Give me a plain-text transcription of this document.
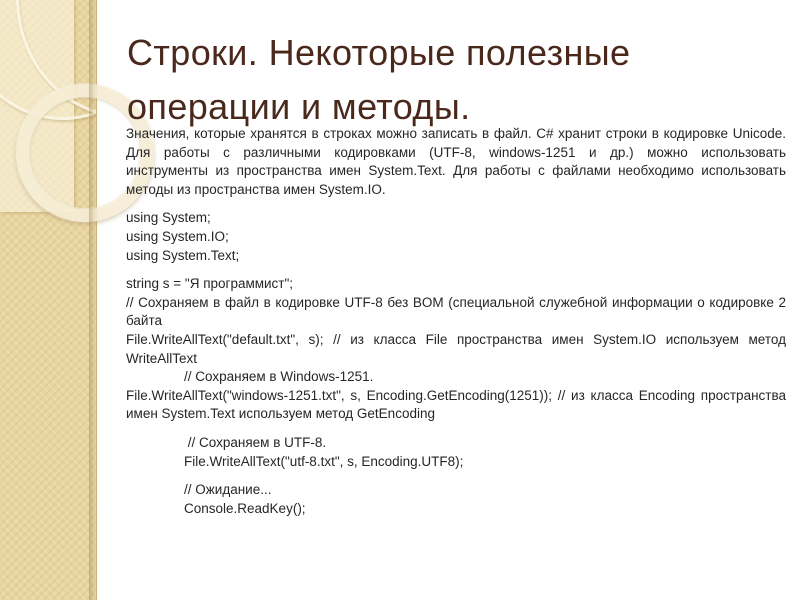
Строки. Некоторые полезные
операции и методы.
Значения, которые хранятся в строках можно записать в файл. C# хранит строки в кодировке Unicode.
Для работы с различными кодировками (UTF-8, windows-1251 и др.) можно использовать
инструменты из пространства имен System.Text. Для работы с файлами необходимо использовать
методы из пространства имен System.IO.
using System;
using System.IO;
using System.Text;
string s = "Я программист";
// Сохраняем в файл в кодировке UTF-8 без BOM (специальной служебной информации о кодировке 2
байта
File.WriteAllText("default.txt", s); // из класса File пространства имен System.IO используем метод
WriteAllText
// Сохраняем в Windows-1251.
File.WriteAllText("windows-1251.txt", s, Encoding.GetEncoding(1251)); // из класса Encoding пространства
имен System.Text используем метод GetEncoding
// Сохраняем в UTF-8.
File.WriteAllText("utf-8.txt", s, Encoding.UTF8);
// Ожидание...
Console.ReadKey();
